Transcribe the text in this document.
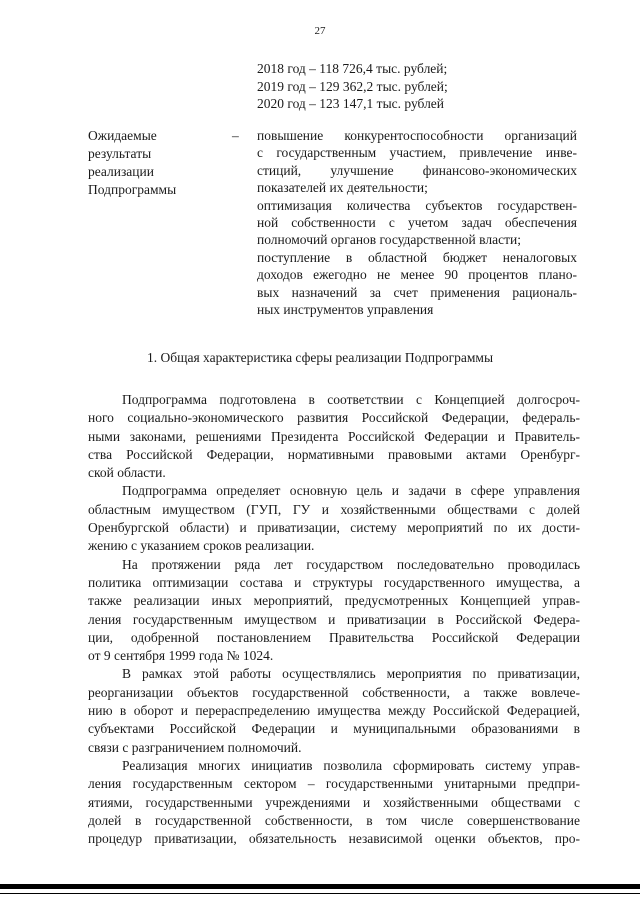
27
2018 год – 118 726,4 тыс. рублей;
2019 год – 129 362,2 тыс. рублей;
2020 год – 123 147,1 тыс. рублей
Ожидаемые
результаты
реализации
Подпрограммы
– повышение конкурентоспособности организаций
с государственным участием, привлечение инве-
стиций, улучшение финансово-экономических
показателей их деятельности;
оптимизация количества субъектов государствен-
ной собственности с учетом задач обеспечения
полномочий органов государственной власти;
поступление в областной бюджет неналоговых
доходов ежегодно не менее 90 процентов плано-
вых назначений за счет применения рациональ-
ных инструментов управления
1. Общая характеристика сферы реализации Подпрограммы
Подпрограмма подготовлена в соответствии с Концепцией долгосроч-
ного социально-экономического развития Российской Федерации, федераль-
ными законами, решениями Президента Российской Федерации и Правитель-
ства Российской Федерации, нормативными правовыми актами Оренбург-
ской области.
Подпрограмма определяет основную цель и задачи в сфере управления
областным имуществом (ГУП, ГУ и хозяйственными обществами с долей
Оренбургской области) и приватизации, систему мероприятий по их дости-
жению с указанием сроков реализации.
На протяжении ряда лет государством последовательно проводилась
политика оптимизации состава и структуры государственного имущества, а
также реализации иных мероприятий, предусмотренных Концепцией управ-
ления государственным имуществом и приватизации в Российской Федера-
ции, одобренной постановлением Правительства Российской Федерации
от 9 сентября 1999 года № 1024.
В рамках этой работы осуществлялись мероприятия по приватизации,
реорганизации объектов государственной собственности, а также вовлече-
нию в оборот и перераспределению имущества между Российской Федерацией,
субъектами Российской Федерации и муниципальными образованиями в
связи с разграничением полномочий.
Реализация многих инициатив позволила сформировать систему управ-
ления государственным сектором – государственными унитарными предпри-
ятиями, государственными учреждениями и хозяйственными обществами с
долей в государственной собственности, в том числе совершенствование
процедур приватизации, обязательность независимой оценки объектов, про-
